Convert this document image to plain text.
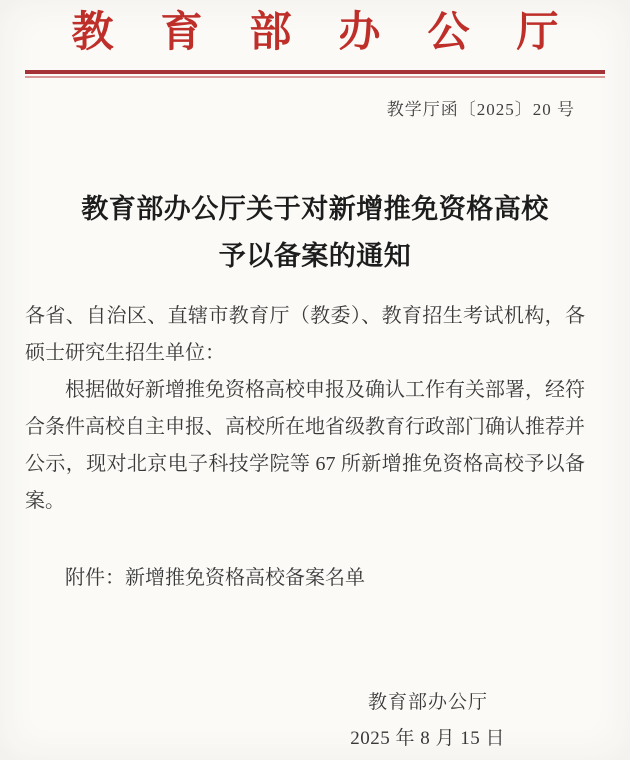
教育部办公厅
教学厅函〔2025〕20 号
教育部办公厅关于对新增推免资格高校
予以备案的通知
各省、自治区、直辖市教育厅（教委）、教育招生考试机构，各硕士研究生招生单位：
根据做好新增推免资格高校申报及确认工作有关部署，经符合条件高校自主申报、高校所在地省级教育行政部门确认推荐并公示，现对北京电子科技学院等 67 所新增推免资格高校予以备案。
附件：新增推免资格高校备案名单
教育部办公厅
2025 年 8 月 15 日
